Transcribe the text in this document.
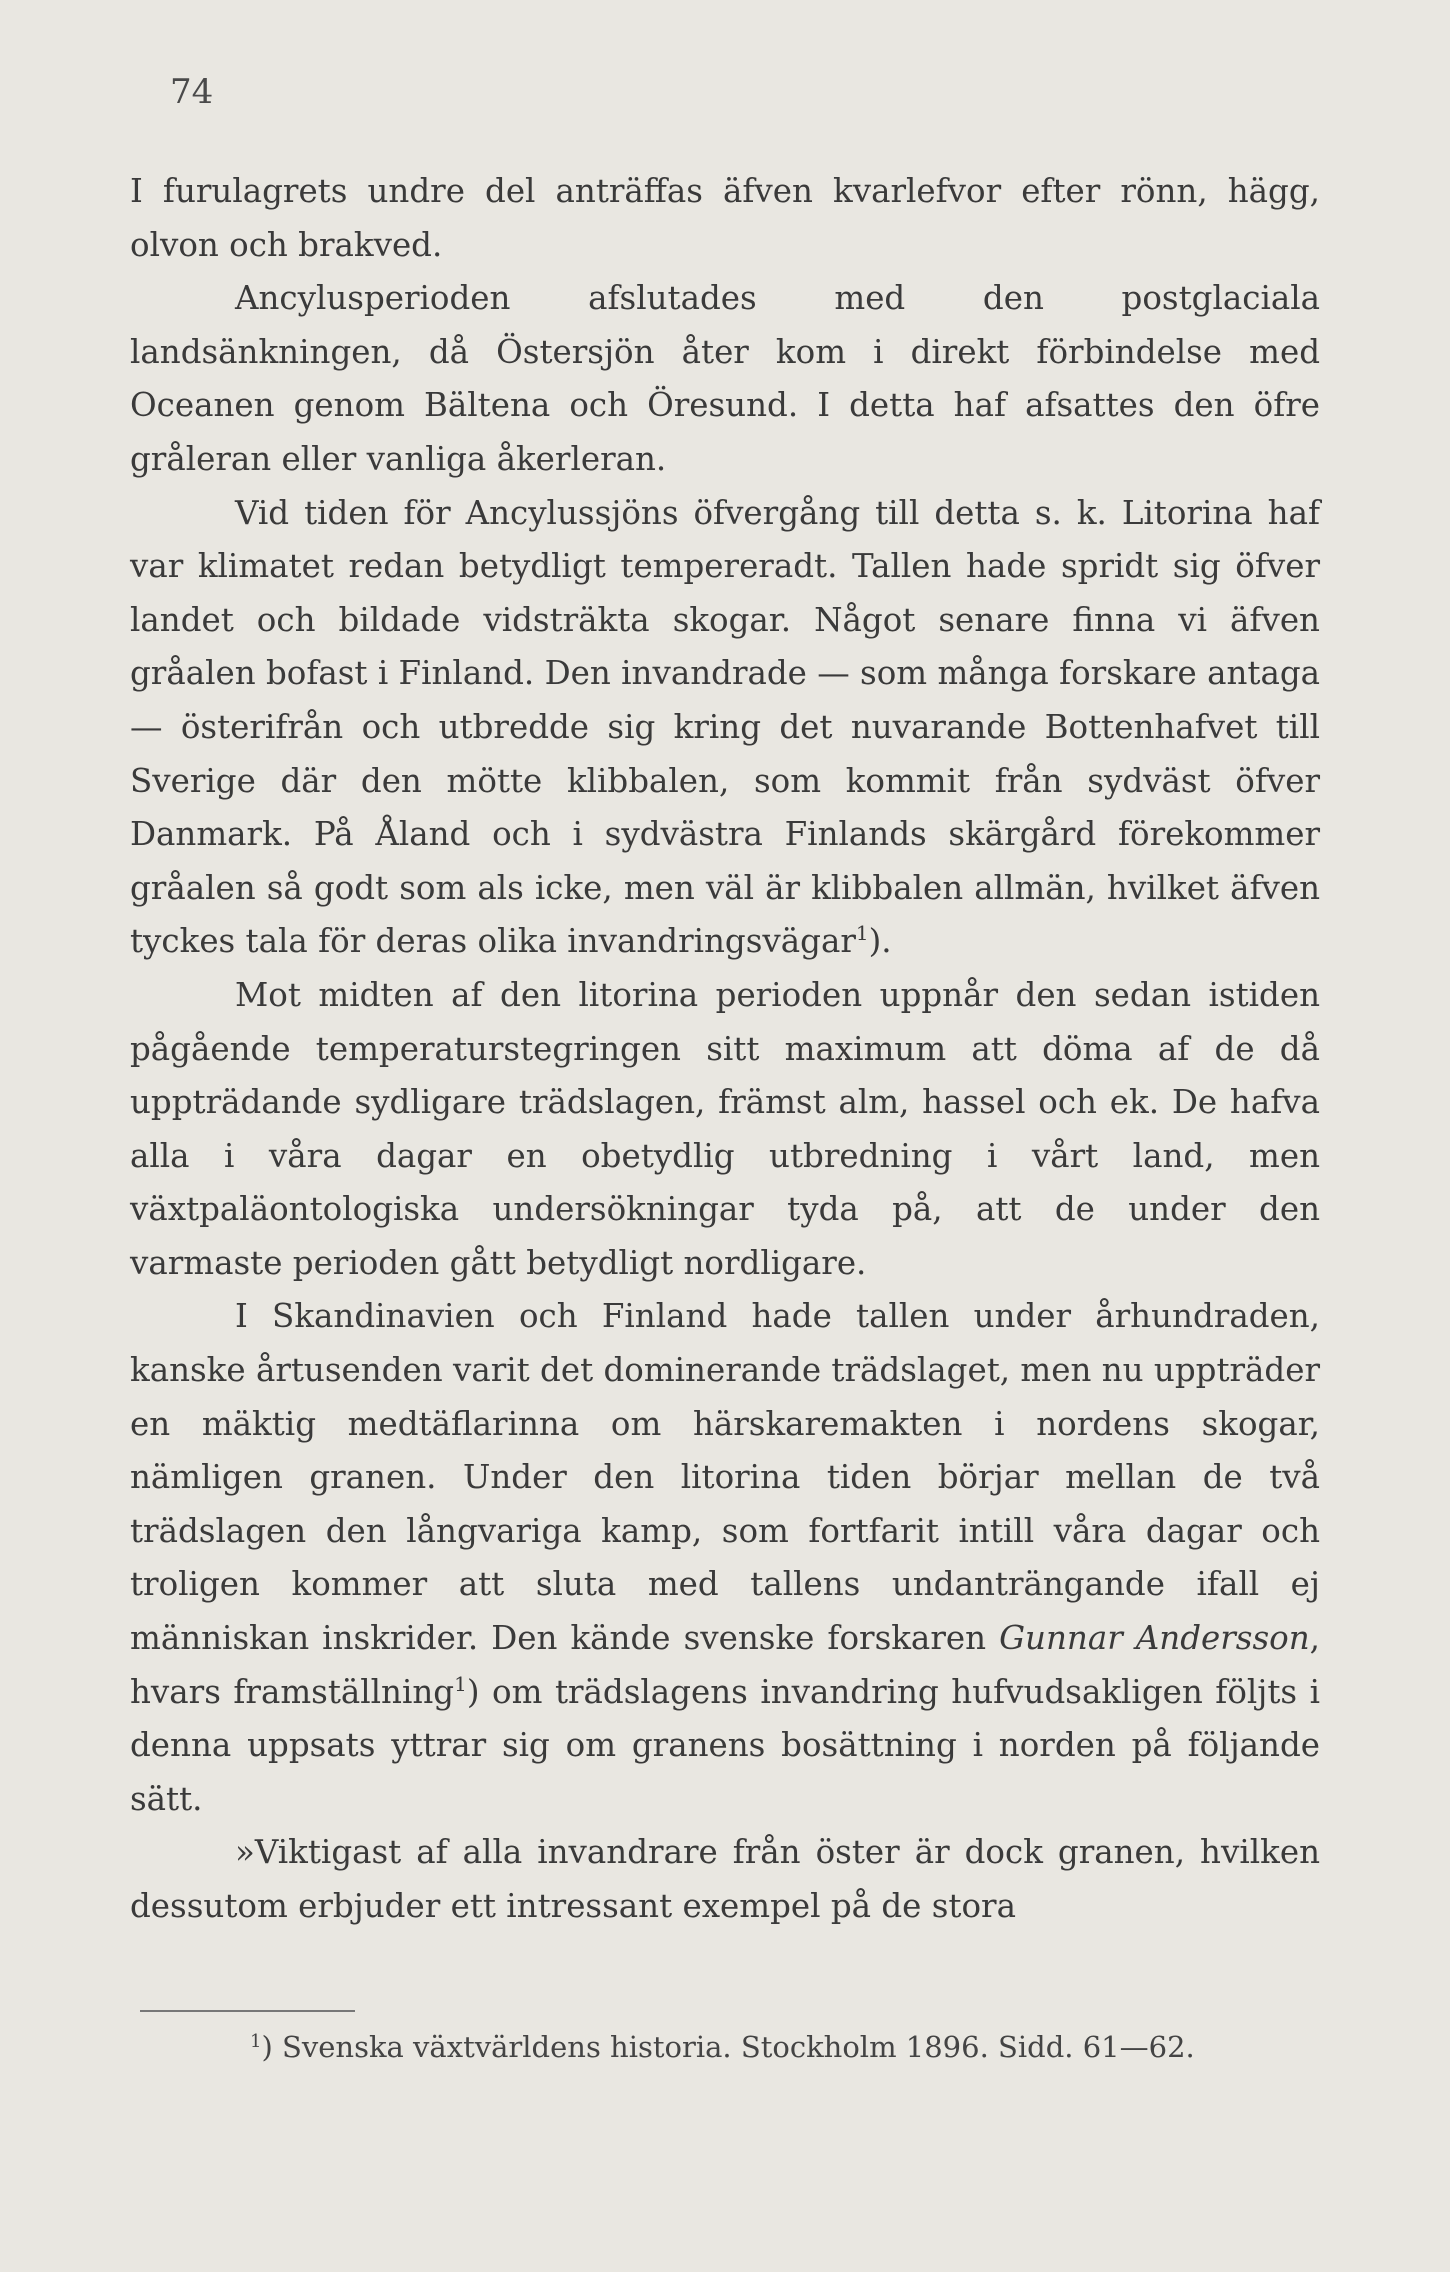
74

I furulagrets undre del anträffas äfven kvarlefvor efter rönn, hägg, olvon och brakved.

Ancylusperioden afslutades med den postglaciala landsänkningen, då Östersjön åter kom i direkt förbindelse med Oceanen genom Bältena och Öresund. I detta haf afsattes den öfre gråleran eller vanliga åkerleran.

Vid tiden för Ancylussjöns öfvergång till detta s. k. Litorina haf var klimatet redan betydligt tempereradt. Tallen hade spridt sig öfver landet och bildade vidsträkta skogar. Något senare finna vi äfven gråalen bofast i Finland. Den invandrade — som många forskare antaga — österifrån och utbredde sig kring det nuvarande Bottenhafvet till Sverige där den mötte klibbalen, som kommit från sydväst öfver Danmark. På Åland och i sydvästra Finlands skärgård förekommer gråalen så godt som als icke, men väl är klibbalen allmän, hvilket äfven tyckes tala för deras olika invandringsvägar$^1$).

Mot midten af den litorina perioden uppnår den sedan istiden pågående temperaturstegringen sitt maximum att döma af de då uppträdande sydligare trädslagen, främst alm, hassel och ek. De hafva alla i våra dagar en obetydlig utbredning i vårt land, men växtpaläontologiska undersökningar tyda på, att de under den varmaste perioden gått betydligt nordligare.

I Skandinavien och Finland hade tallen under århundraden, kanske årtusenden varit det dominerande trädslaget, men nu uppträder en mäktig medtäflarinna om härskaremakten i nordens skogar, nämligen granen. Under den litorina tiden börjar mellan de två trädslagen den långvariga kamp, som fortfarit intill våra dagar och troligen kommer att sluta med tallens undanträngande ifall ej människan inskrider. Den kände svenske forskaren Gunnar Andersson, hvars framställning$^1$) om trädslagens invandring hufvudsakligen följts i denna uppsats yttrar sig om granens bosättning i norden på följande sätt.

»Viktigast af alla invandrare från öster är dock granen, hvilken dessutom erbjuder ett intressant exempel på de stora

$^1$) Svenska växtvärldens historia. Stockholm 1896. Sidd. 61—62.
